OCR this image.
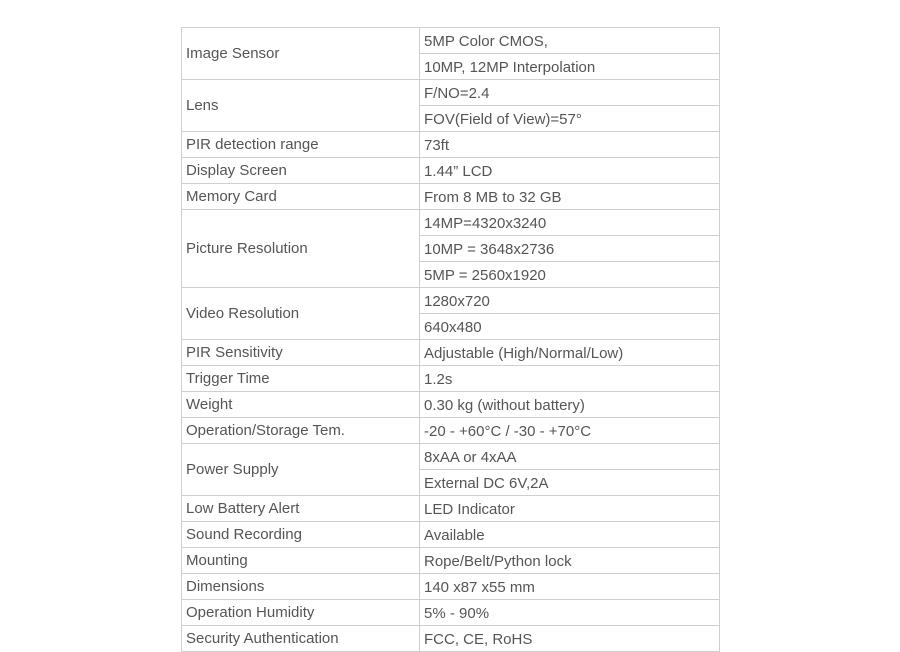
Image Sensor	5MP Color CMOS,
	10MP, 12MP Interpolation
Lens	F/NO=2.4
	FOV(Field of View)=57°
PIR detection range	73ft
Display Screen	1.44” LCD
Memory Card	From 8 MB to 32 GB
Picture Resolution	14MP=4320x3240
	10MP = 3648x2736
	5MP = 2560x1920
Video Resolution	1280x720
	640x480
PIR Sensitivity	Adjustable (High/Normal/Low)
Trigger Time	1.2s
Weight	0.30 kg (without battery)
Operation/Storage Tem.	-20 - +60°C / -30 - +70°C
Power Supply	8xAA or 4xAA
	External DC 6V,2A
Low Battery Alert	LED Indicator
Sound Recording	Available
Mounting	Rope/Belt/Python lock
Dimensions	140 x87 x55 mm
Operation Humidity	5% - 90%
Security Authentication	FCC, CE, RoHS
